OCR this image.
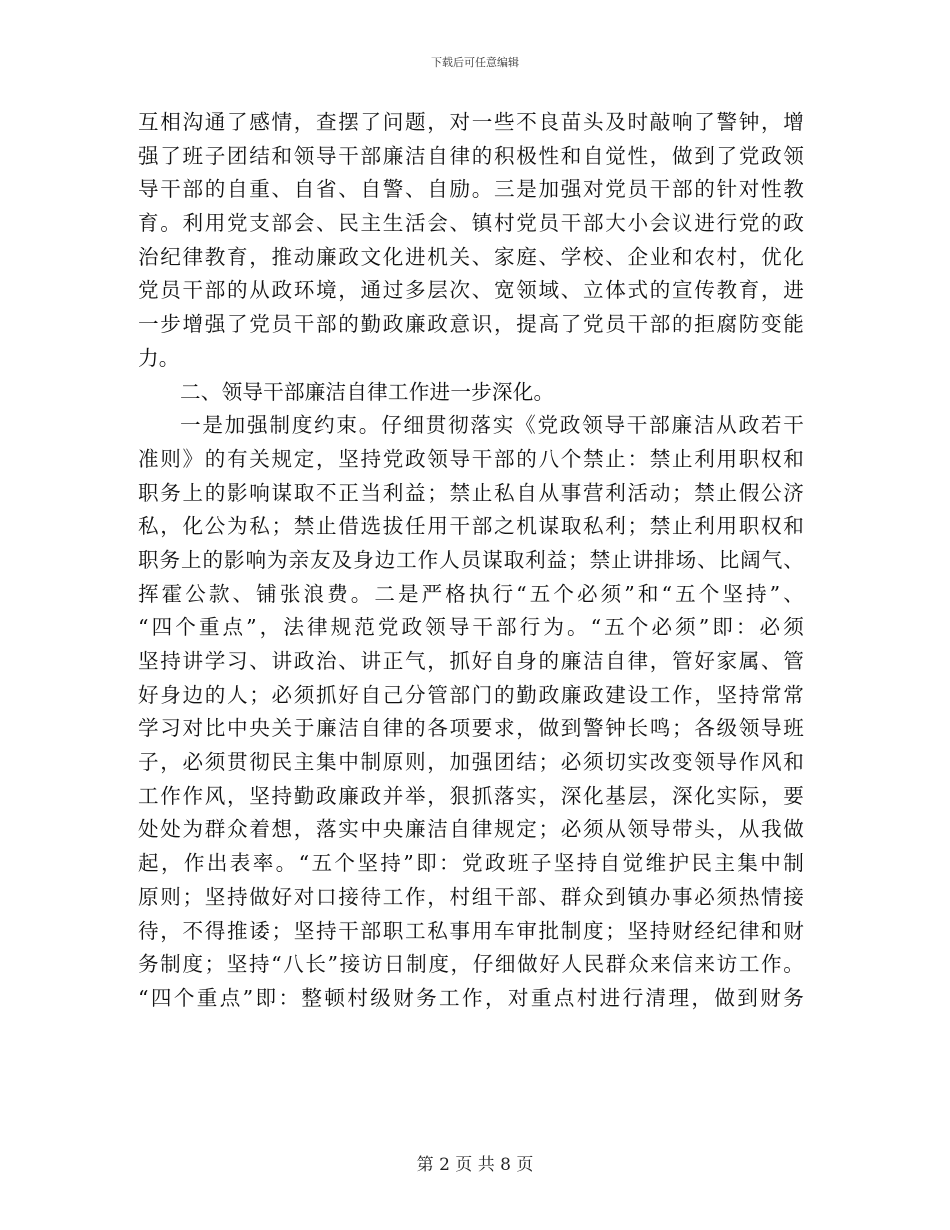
下载后可任意编辑
互相沟通了感情，查摆了问题，对一些不良苗头及时敲响了警钟，增
强了班子团结和领导干部廉洁自律的积极性和自觉性，做到了党政领
导干部的自重、自省、自警、自励。三是加强对党员干部的针对性教
育。利用党支部会、民主生活会、镇村党员干部大小会议进行党的政
治纪律教育，推动廉政文化进机关、家庭、学校、企业和农村，优化
党员干部的从政环境，通过多层次、宽领域、立体式的宣传教育，进
一步增强了党员干部的勤政廉政意识，提高了党员干部的拒腐防变能
力。
二、领导干部廉洁自律工作进一步深化。
一是加强制度约束。仔细贯彻落实《党政领导干部廉洁从政若干
准则》的有关规定，坚持党政领导干部的八个禁止：禁止利用职权和
职务上的影响谋取不正当利益；禁止私自从事营利活动；禁止假公济
私，化公为私；禁止借选拔任用干部之机谋取私利；禁止利用职权和
职务上的影响为亲友及身边工作人员谋取利益；禁止讲排场、比阔气、
挥霍公款、铺张浪费。二是严格执行“五个必须”和“五个坚持”、
“四个重点”，法律规范党政领导干部行为。“五个必须”即：必须
坚持讲学习、讲政治、讲正气，抓好自身的廉洁自律，管好家属、管
好身边的人；必须抓好自己分管部门的勤政廉政建设工作，坚持常常
学习对比中央关于廉洁自律的各项要求，做到警钟长鸣；各级领导班
子，必须贯彻民主集中制原则，加强团结；必须切实改变领导作风和
工作作风，坚持勤政廉政并举，狠抓落实，深化基层，深化实际，要
处处为群众着想，落实中央廉洁自律规定；必须从领导带头，从我做
起，作出表率。“五个坚持”即：党政班子坚持自觉维护民主集中制
原则；坚持做好对口接待工作，村组干部、群众到镇办事必须热情接
待，不得推诿；坚持干部职工私事用车审批制度；坚持财经纪律和财
务制度；坚持“八长”接访日制度，仔细做好人民群众来信来访工作。
“四个重点”即：整顿村级财务工作，对重点村进行清理，做到财务
第 2 页 共 8 页
